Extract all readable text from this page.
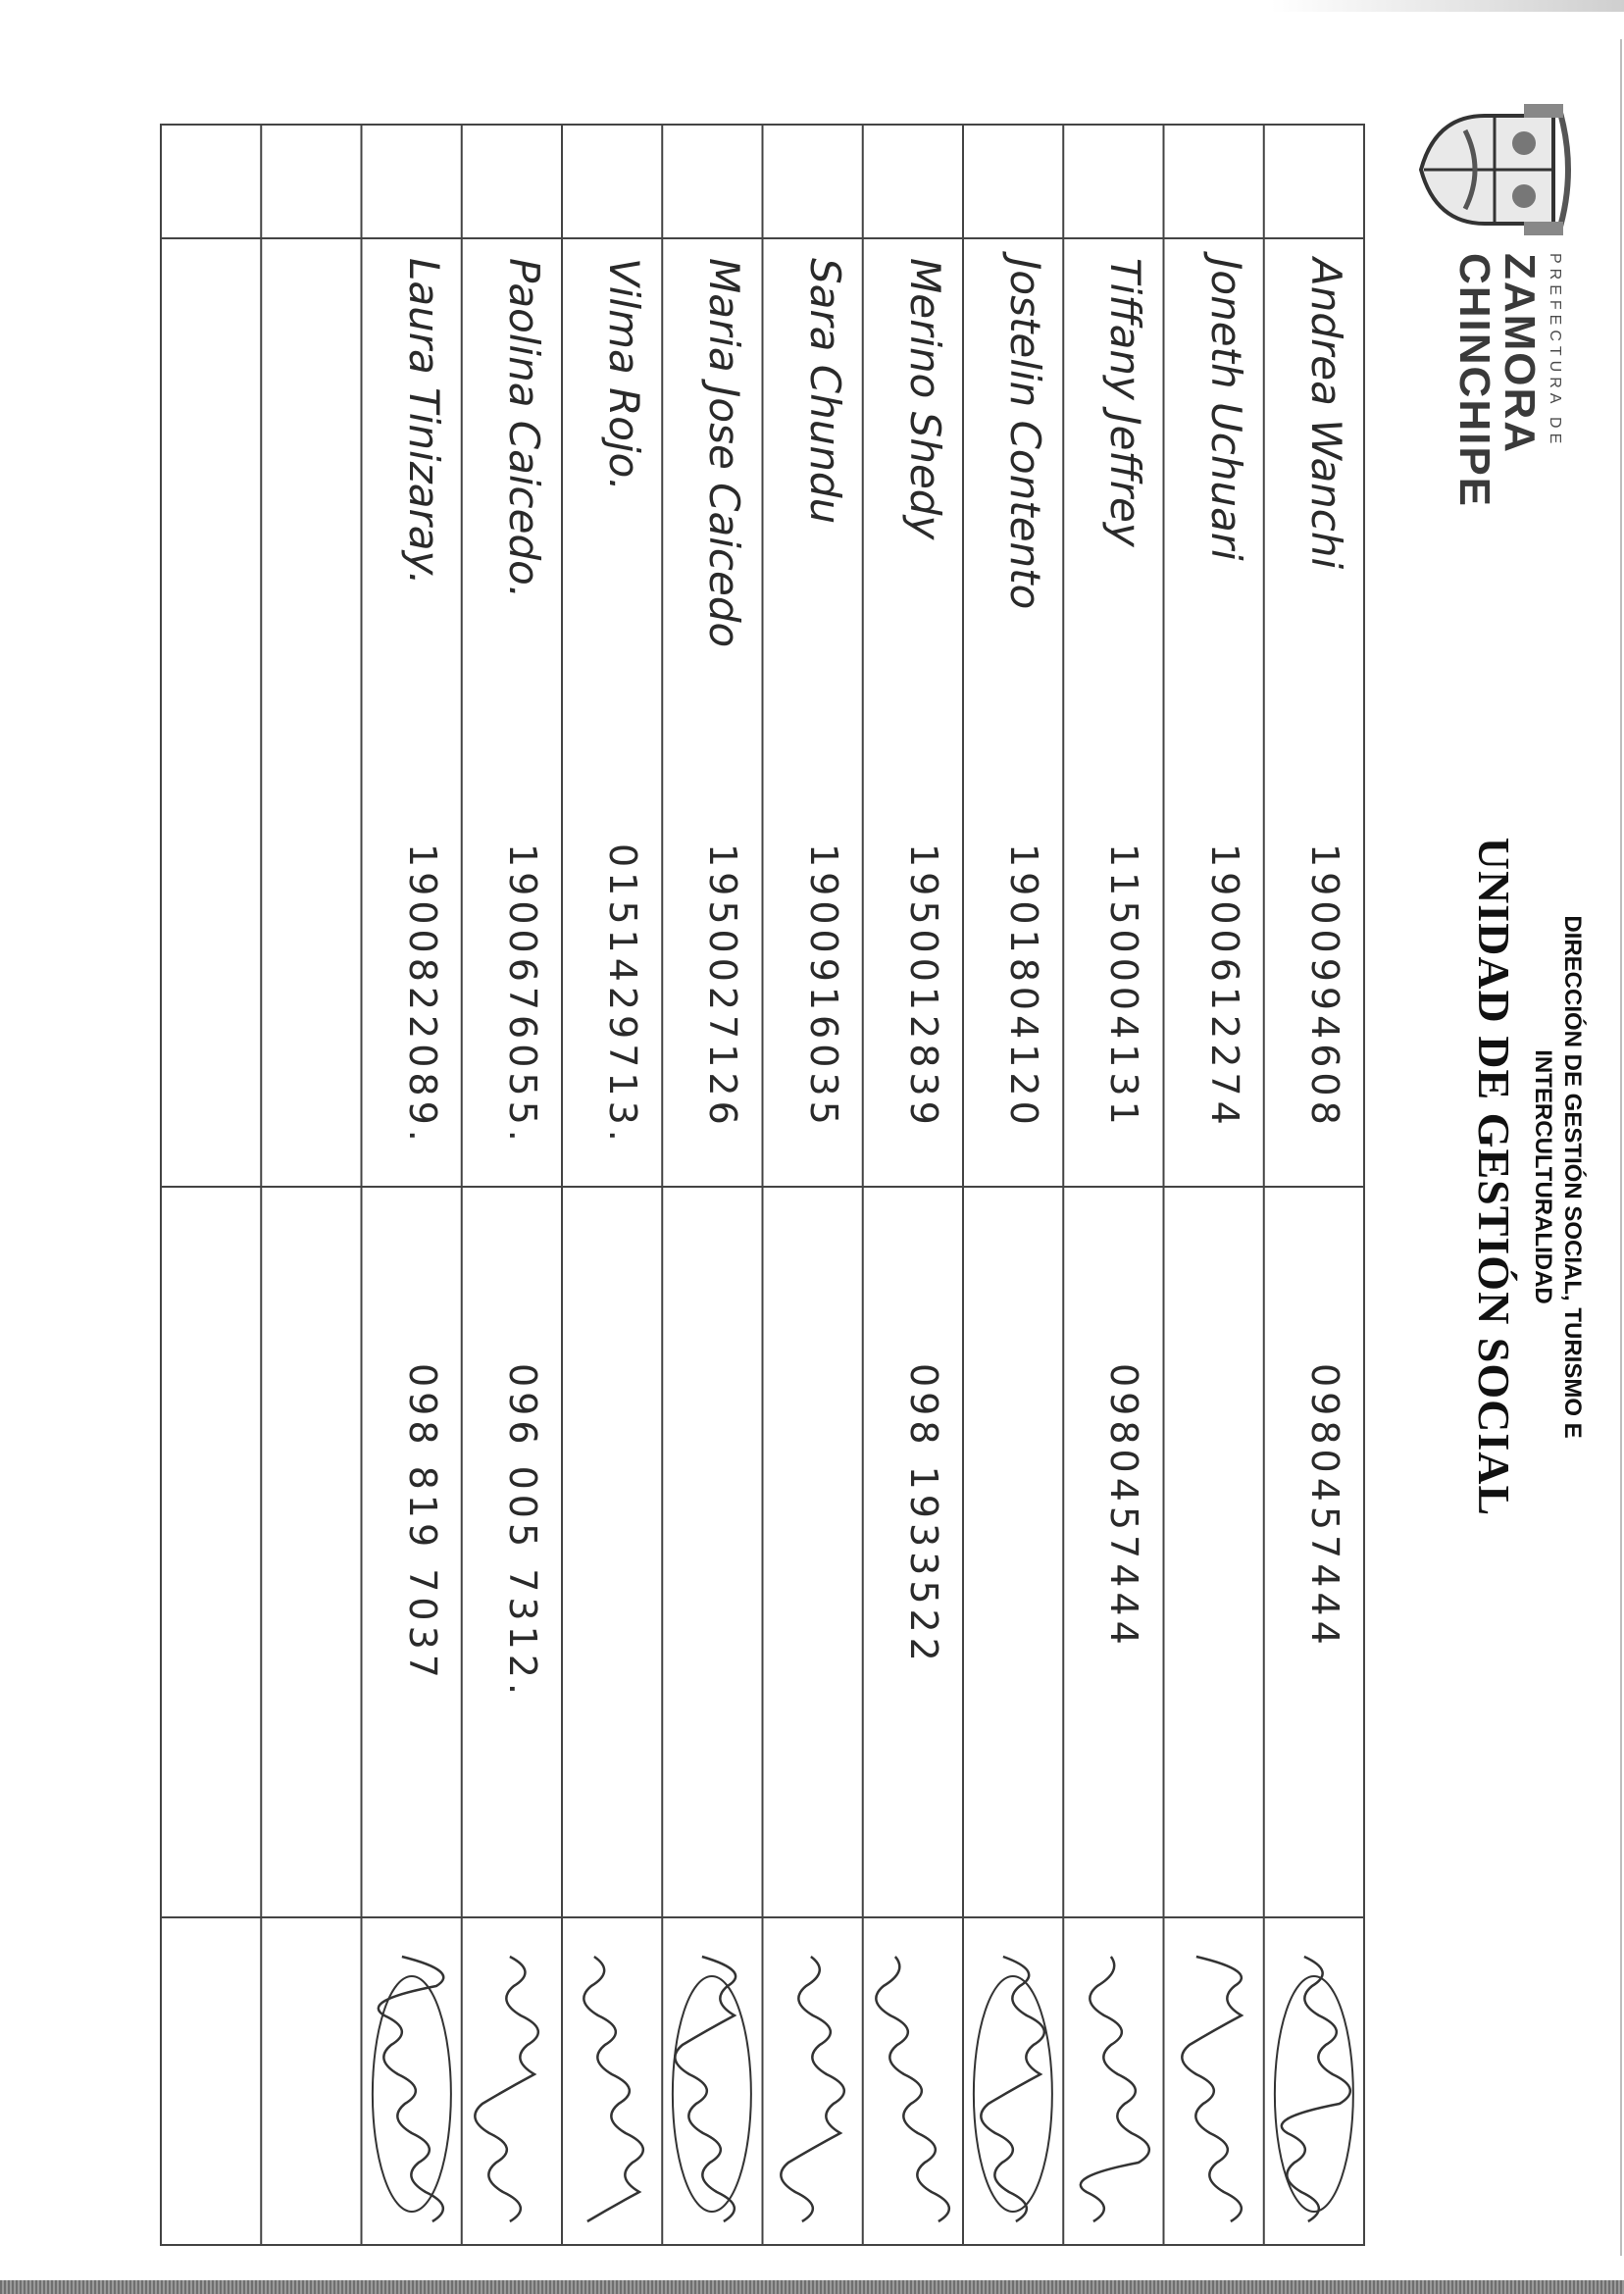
PREFECTURA DE
ZAMORA
CHINCHIPE
DIRECCIÓN DE GESTIÓN SOCIAL, TURISMO E
INTERCULTURALIDAD
UNIDAD DE GESTIÓN SOCIAL
Andrea Wanchi
1900994608
0980457444
Joneth Uchuari
1900612274
Tiffany Jeffrey
1150004131
0980457444
Jostelin Contento
1901804120
Merino Shedy
1950012839
098 1933522
Sara Chundu
1900916035
Maria Jose Caicedo
1950027126
Vilma Rojo.
0151429713.
Paolina Caicedo.
1900676055.
096 005 7312.
Laura Tinizaray.
1900822089.
098 819 7037
